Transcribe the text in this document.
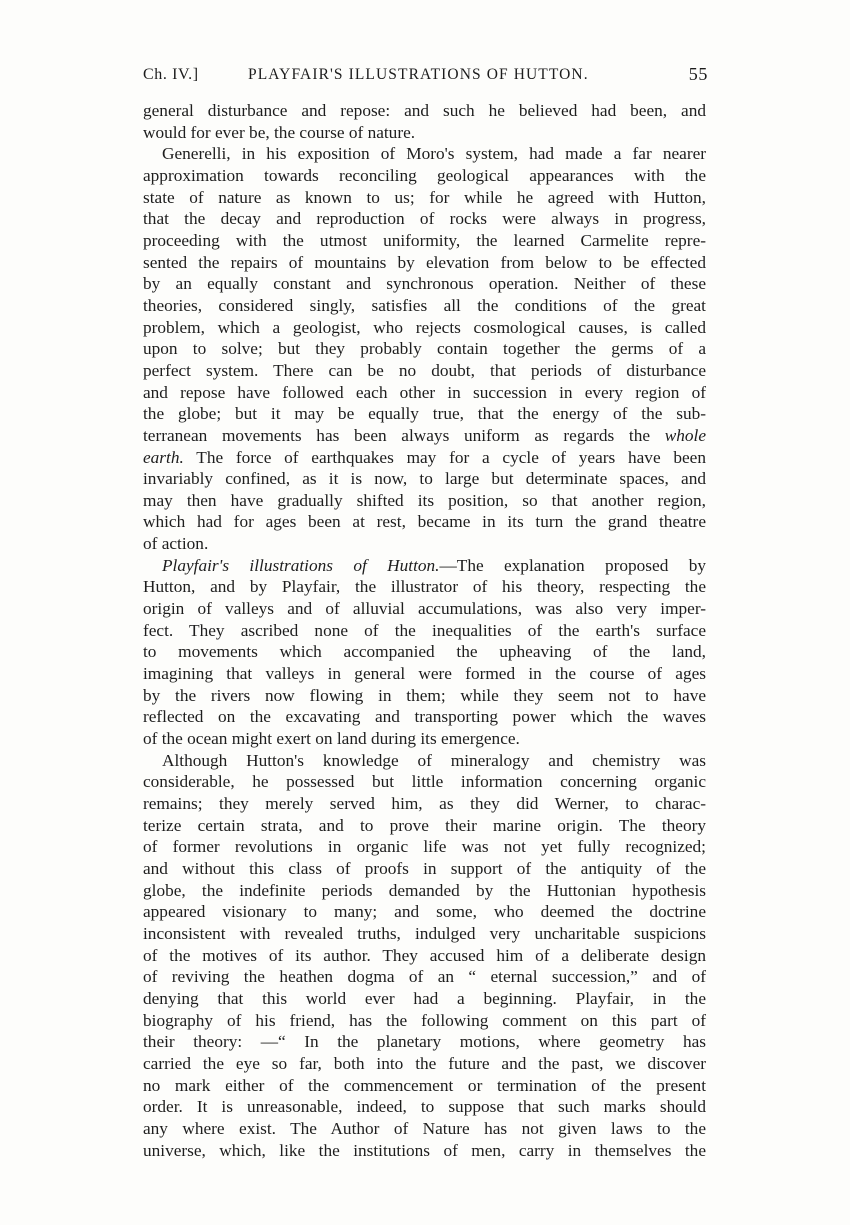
Ch. IV.]	PLAYFAIR'S ILLUSTRATIONS OF HUTTON.	55
general disturbance and repose: and such he believed had been, and
would for ever be, the course of nature.
Generelli, in his exposition of Moro's system, had made a far nearer
approximation towards reconciling geological appearances with the
state of nature as known to us; for while he agreed with Hutton,
that the decay and reproduction of rocks were always in progress,
proceeding with the utmost uniformity, the learned Carmelite repre-
sented the repairs of mountains by elevation from below to be effected
by an equally constant and synchronous operation. Neither of these
theories, considered singly, satisfies all the conditions of the great
problem, which a geologist, who rejects cosmological causes, is called
upon to solve; but they probably contain together the germs of a
perfect system. There can be no doubt, that periods of disturbance
and repose have followed each other in succession in every region of
the globe; but it may be equally true, that the energy of the sub-
terranean movements has been always uniform as regards the whole
earth. The force of earthquakes may for a cycle of years have been
invariably confined, as it is now, to large but determinate spaces, and
may then have gradually shifted its position, so that another region,
which had for ages been at rest, became in its turn the grand theatre
of action.
Playfair's illustrations of Hutton.—The explanation proposed by
Hutton, and by Playfair, the illustrator of his theory, respecting the
origin of valleys and of alluvial accumulations, was also very imper-
fect. They ascribed none of the inequalities of the earth's surface
to movements which accompanied the upheaving of the land,
imagining that valleys in general were formed in the course of ages
by the rivers now flowing in them; while they seem not to have
reflected on the excavating and transporting power which the waves
of the ocean might exert on land during its emergence.
Although Hutton's knowledge of mineralogy and chemistry was
considerable, he possessed but little information concerning organic
remains; they merely served him, as they did Werner, to charac-
terize certain strata, and to prove their marine origin. The theory
of former revolutions in organic life was not yet fully recognized;
and without this class of proofs in support of the antiquity of the
globe, the indefinite periods demanded by the Huttonian hypothesis
appeared visionary to many; and some, who deemed the doctrine
inconsistent with revealed truths, indulged very uncharitable suspicions
of the motives of its author. They accused him of a deliberate design
of reviving the heathen dogma of an “ eternal succession,” and of
denying that this world ever had a beginning. Playfair, in the
biography of his friend, has the following comment on this part of
their theory: —“ In the planetary motions, where geometry has
carried the eye so far, both into the future and the past, we discover
no mark either of the commencement or termination of the present
order. It is unreasonable, indeed, to suppose that such marks should
any where exist. The Author of Nature has not given laws to the
universe, which, like the institutions of men, carry in themselves the
